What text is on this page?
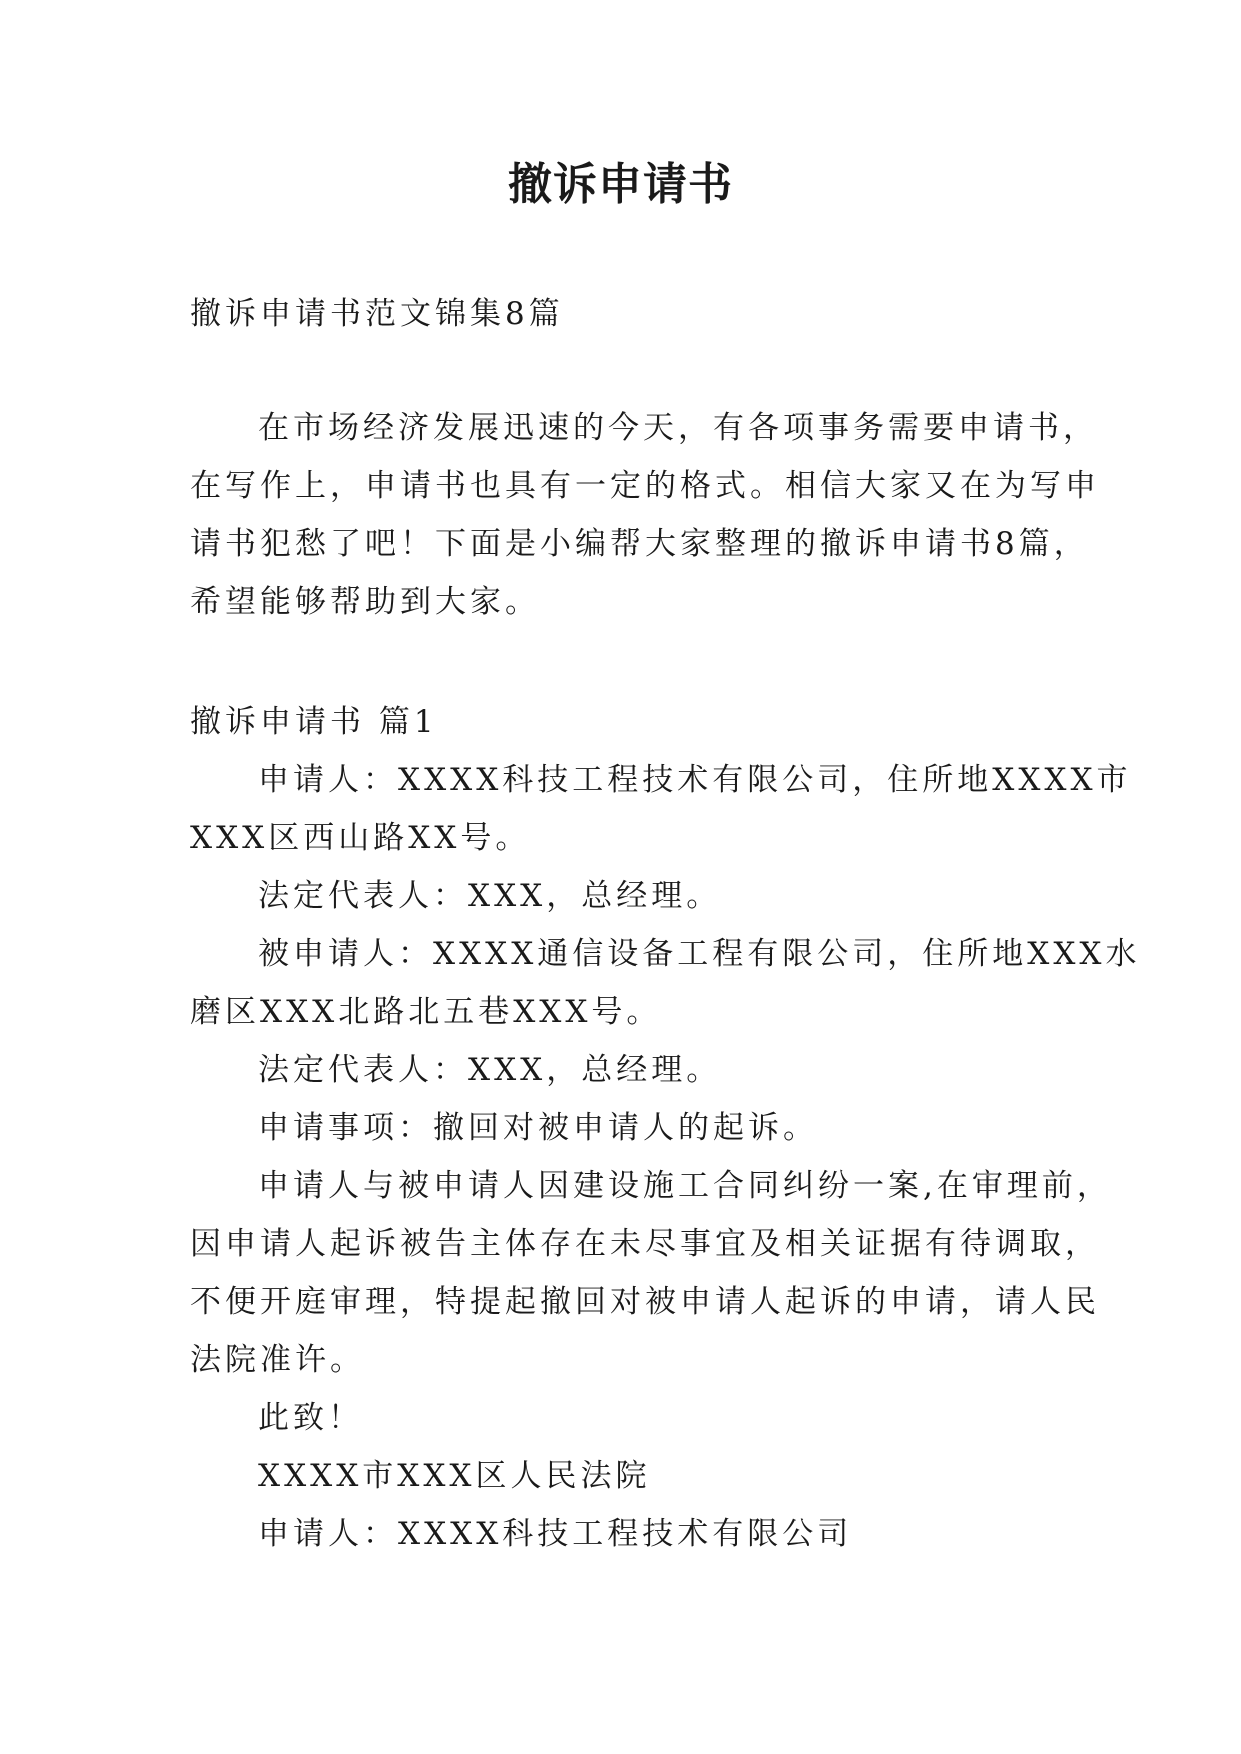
撤诉申请书
撤诉申请书范文锦集8篇
在市场经济发展迅速的今天，有各项事务需要申请书，
在写作上，申请书也具有一定的格式。相信大家又在为写申
请书犯愁了吧！下面是小编帮大家整理的撤诉申请书8篇，
希望能够帮助到大家。
撤诉申请书 篇1
申请人：XXXX科技工程技术有限公司，住所地XXXX市
XXX区西山路XX号。
法定代表人：XXX，总经理。
被申请人：XXXX通信设备工程有限公司，住所地XXX水
磨区XXX北路北五巷XXX号。
法定代表人：XXX，总经理。
申请事项：撤回对被申请人的起诉。
申请人与被申请人因建设施工合同纠纷一案,在审理前，
因申请人起诉被告主体存在未尽事宜及相关证据有待调取，
不便开庭审理，特提起撤回对被申请人起诉的申请，请人民
法院准许。
此致！
XXXX市XXX区人民法院
申请人：XXXX科技工程技术有限公司
